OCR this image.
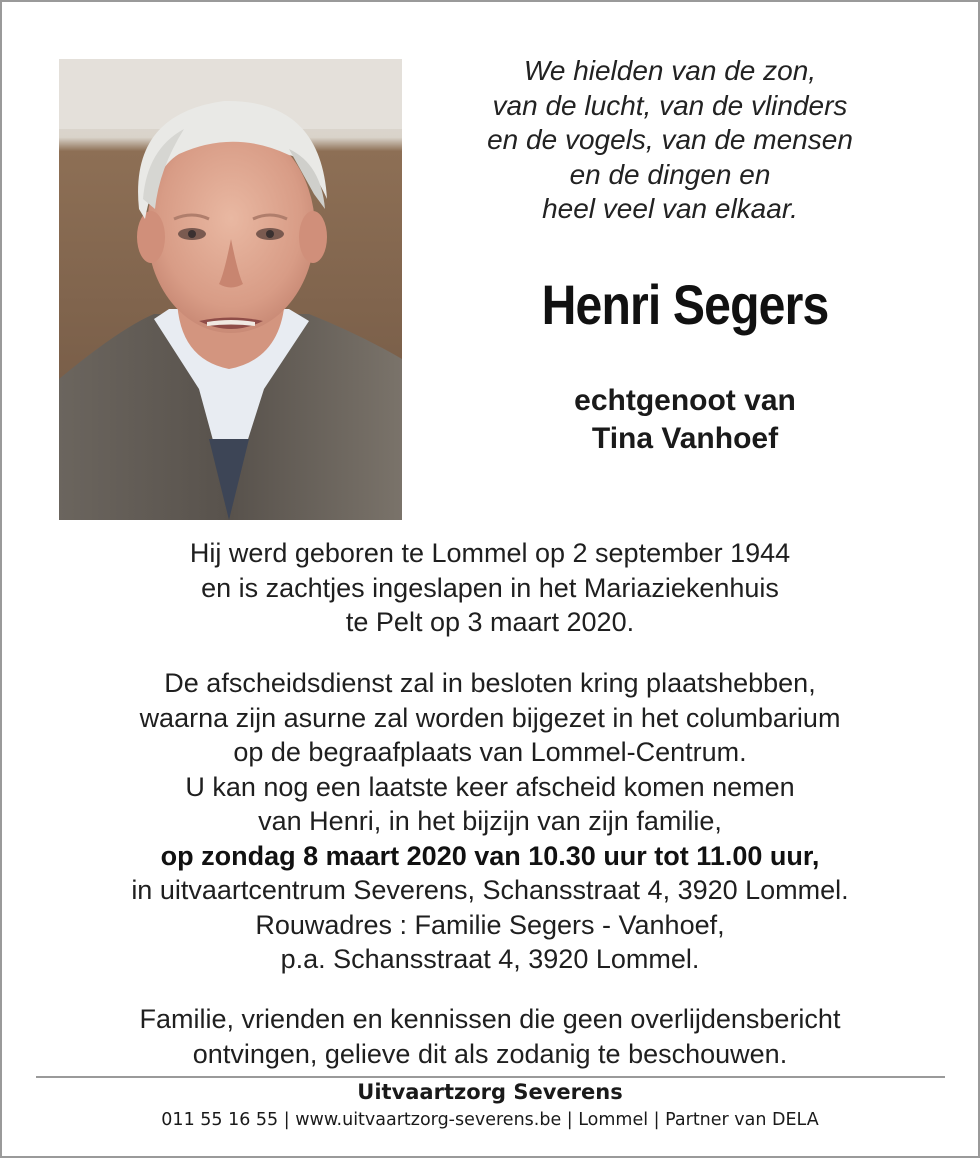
We hielden van de zon,
van de lucht, van de vlinders
en de vogels, van de mensen
en de dingen en
heel veel van elkaar.
Henri Segers
echtgenoot van
Tina Vanhoef
Hij werd geboren te Lommel op 2 september 1944
en is zachtjes ingeslapen in het Mariaziekenhuis
te Pelt op 3 maart 2020.
De afscheidsdienst zal in besloten kring plaatshebben,
waarna zijn asurne zal worden bijgezet in het columbarium
op de begraafplaats van Lommel-Centrum.
U kan nog een laatste keer afscheid komen nemen
van Henri, in het bijzijn van zijn familie,
op zondag 8 maart 2020 van 10.30 uur tot 11.00 uur,
in uitvaartcentrum Severens, Schansstraat 4, 3920 Lommel.
Rouwadres : Familie Segers - Vanhoef,
p.a. Schansstraat 4, 3920 Lommel.
Familie, vrienden en kennissen die geen overlijdensbericht
ontvingen, gelieve dit als zodanig te beschouwen.
Uitvaartzorg Severens
011 55 16 55 | www.uitvaartzorg-severens.be | Lommel | Partner van DELA
